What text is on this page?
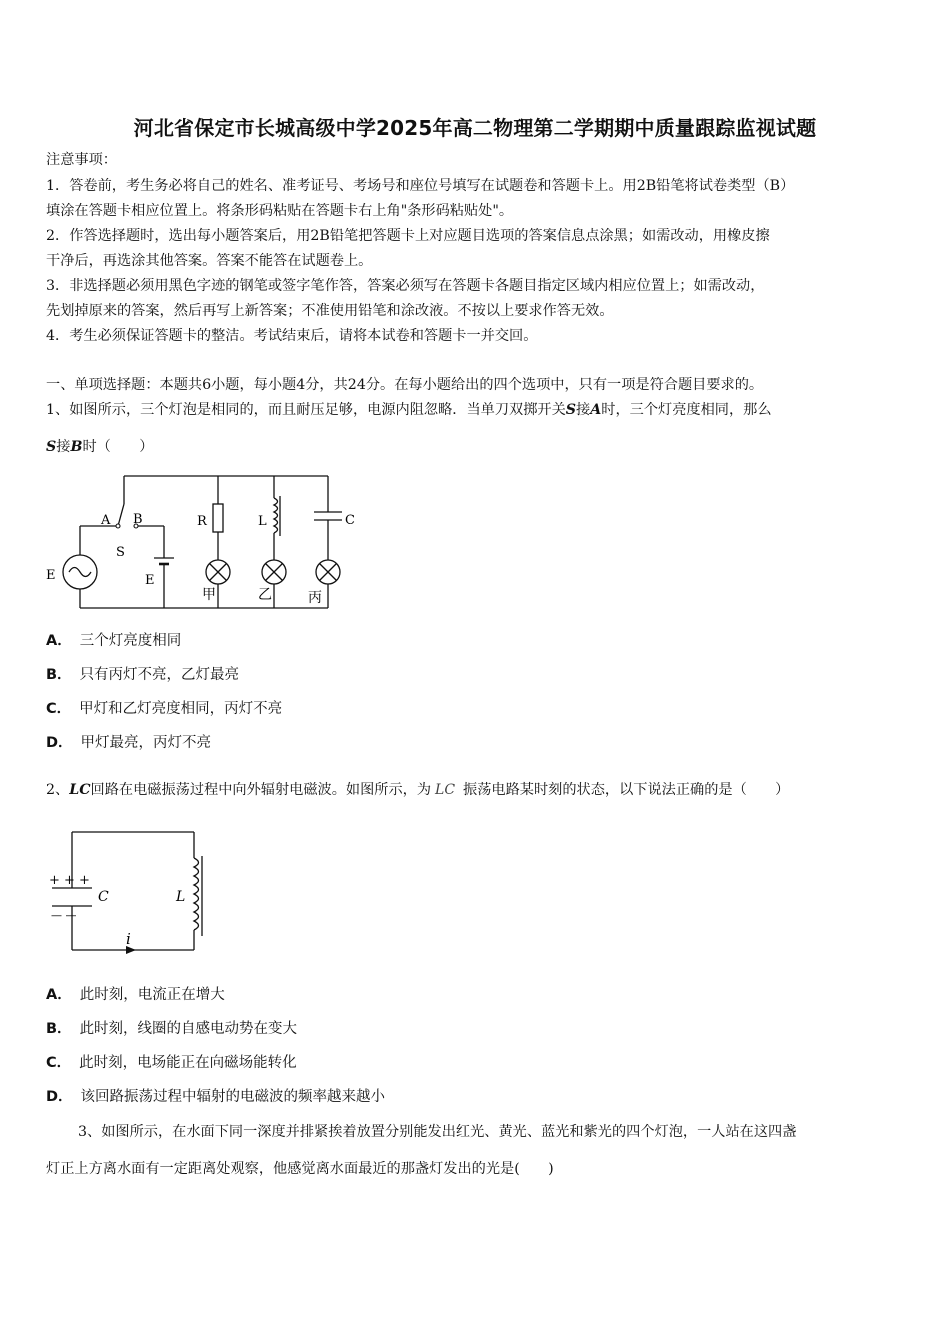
河北省保定市长城高级中学2025年高二物理第二学期期中质量跟踪监视试题
注意事项：
1．答卷前，考生务必将自己的姓名、准考证号、考场号和座位号填写在试题卷和答题卡上。用2B铅笔将试卷类型（B）
填涂在答题卡相应位置上。将条形码粘贴在答题卡右上角"条形码粘贴处"。
2．作答选择题时，选出每小题答案后，用2B铅笔把答题卡上对应题目选项的答案信息点涂黑；如需改动，用橡皮擦
干净后，再选涂其他答案。答案不能答在试题卷上。
3．非选择题必须用黑色字迹的钢笔或签字笔作答，答案必须写在答题卡各题目指定区域内相应位置上；如需改动，
先划掉原来的答案，然后再写上新答案；不准使用铅笔和涂改液。不按以上要求作答无效。
4．考生必须保证答题卡的整洁。考试结束后，请将本试卷和答题卡一并交回。
一、单项选择题：本题共6小题，每小题4分，共24分。在每小题给出的四个选项中，只有一项是符合题目要求的。
1、如图所示，三个灯泡是相同的，而且耐压足够，电源内阻忽略．当单刀双掷开关S接A时，三个灯亮度相同，那么
S接B时（　　）
A B
S
R	L	C
E	E
甲	乙	丙
A． 三个灯亮度相同
B． 只有丙灯不亮，乙灯最亮
C． 甲灯和乙灯亮度相同，丙灯不亮
D． 甲灯最亮，丙灯不亮
2、LC回路在电磁振荡过程中向外辐射电磁波。如图所示，为 LC 振荡电路某时刻的状态，以下说法正确的是（　　）
+ + +
— —
C	L
i
A． 此时刻，电流正在增大
B． 此时刻，线圈的自感电动势在变大
C． 此时刻，电场能正在向磁场能转化
D． 该回路振荡过程中辐射的电磁波的频率越来越小
3、如图所示，在水面下同一深度并排紧挨着放置分别能发出红光、黄光、蓝光和紫光的四个灯泡，一人站在这四盏
灯正上方离水面有一定距离处观察，他感觉离水面最近的那盏灯发出的光是(　　)
